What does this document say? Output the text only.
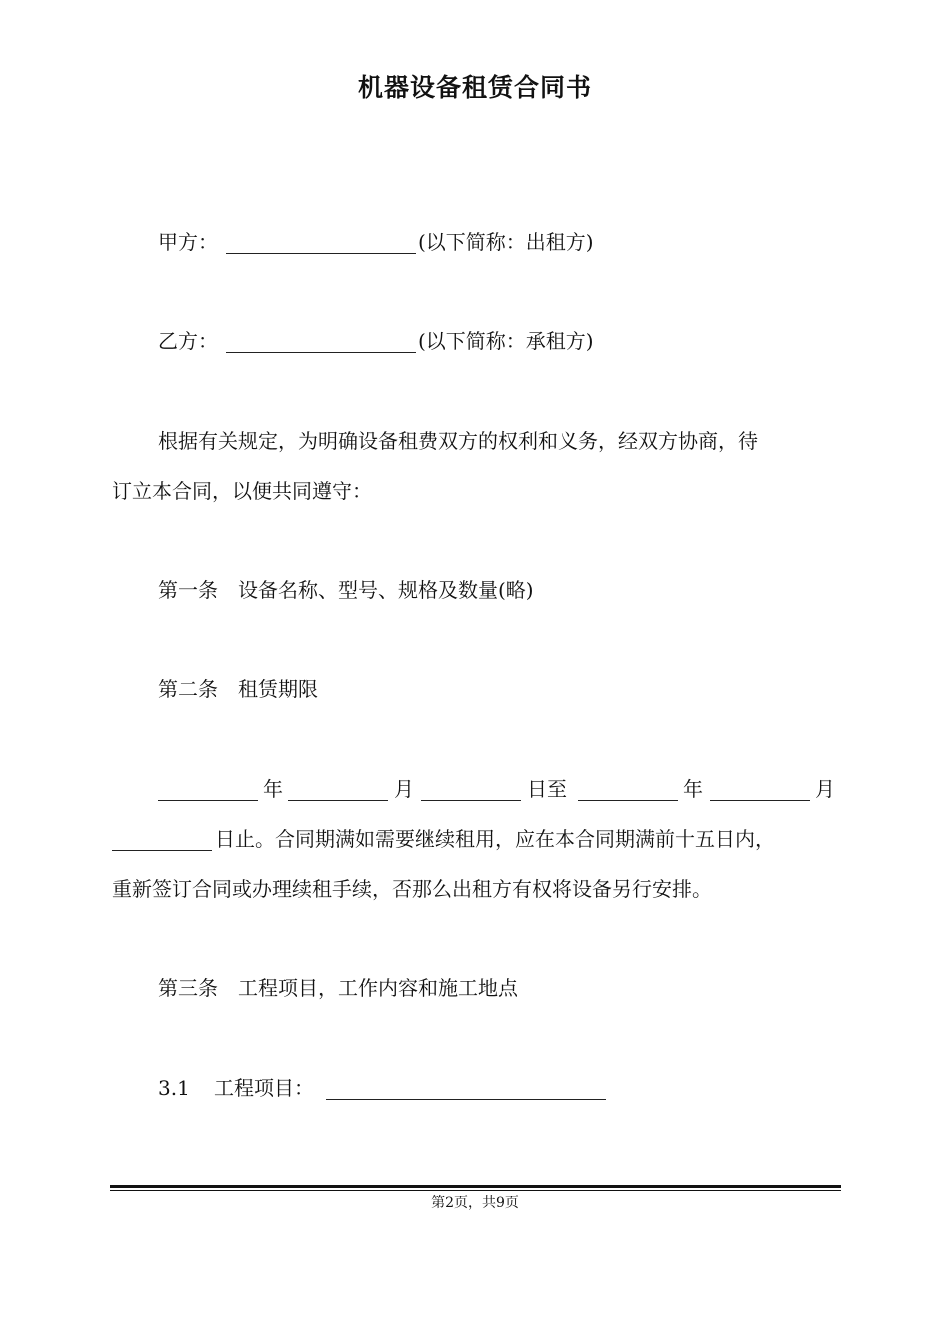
机器设备租赁合同书
甲方：	(以下简称：出租方)
乙方：	(以下简称：承租方)
根据有关规定，为明确设备租费双方的权利和义务，经双方协商，待
订立本合同，以便共同遵守：
第一条　设备名称、型号、规格及数量(略)
第二条　租赁期限
年	月	日至	年	月
日止。合同期满如需要继续租用，应在本合同期满前十五日内，
重新签订合同或办理续租手续，否那么出租方有权将设备另行安排。
第三条　工程项目，工作内容和施工地点
3.1 工程项目：
第2页，共9页
